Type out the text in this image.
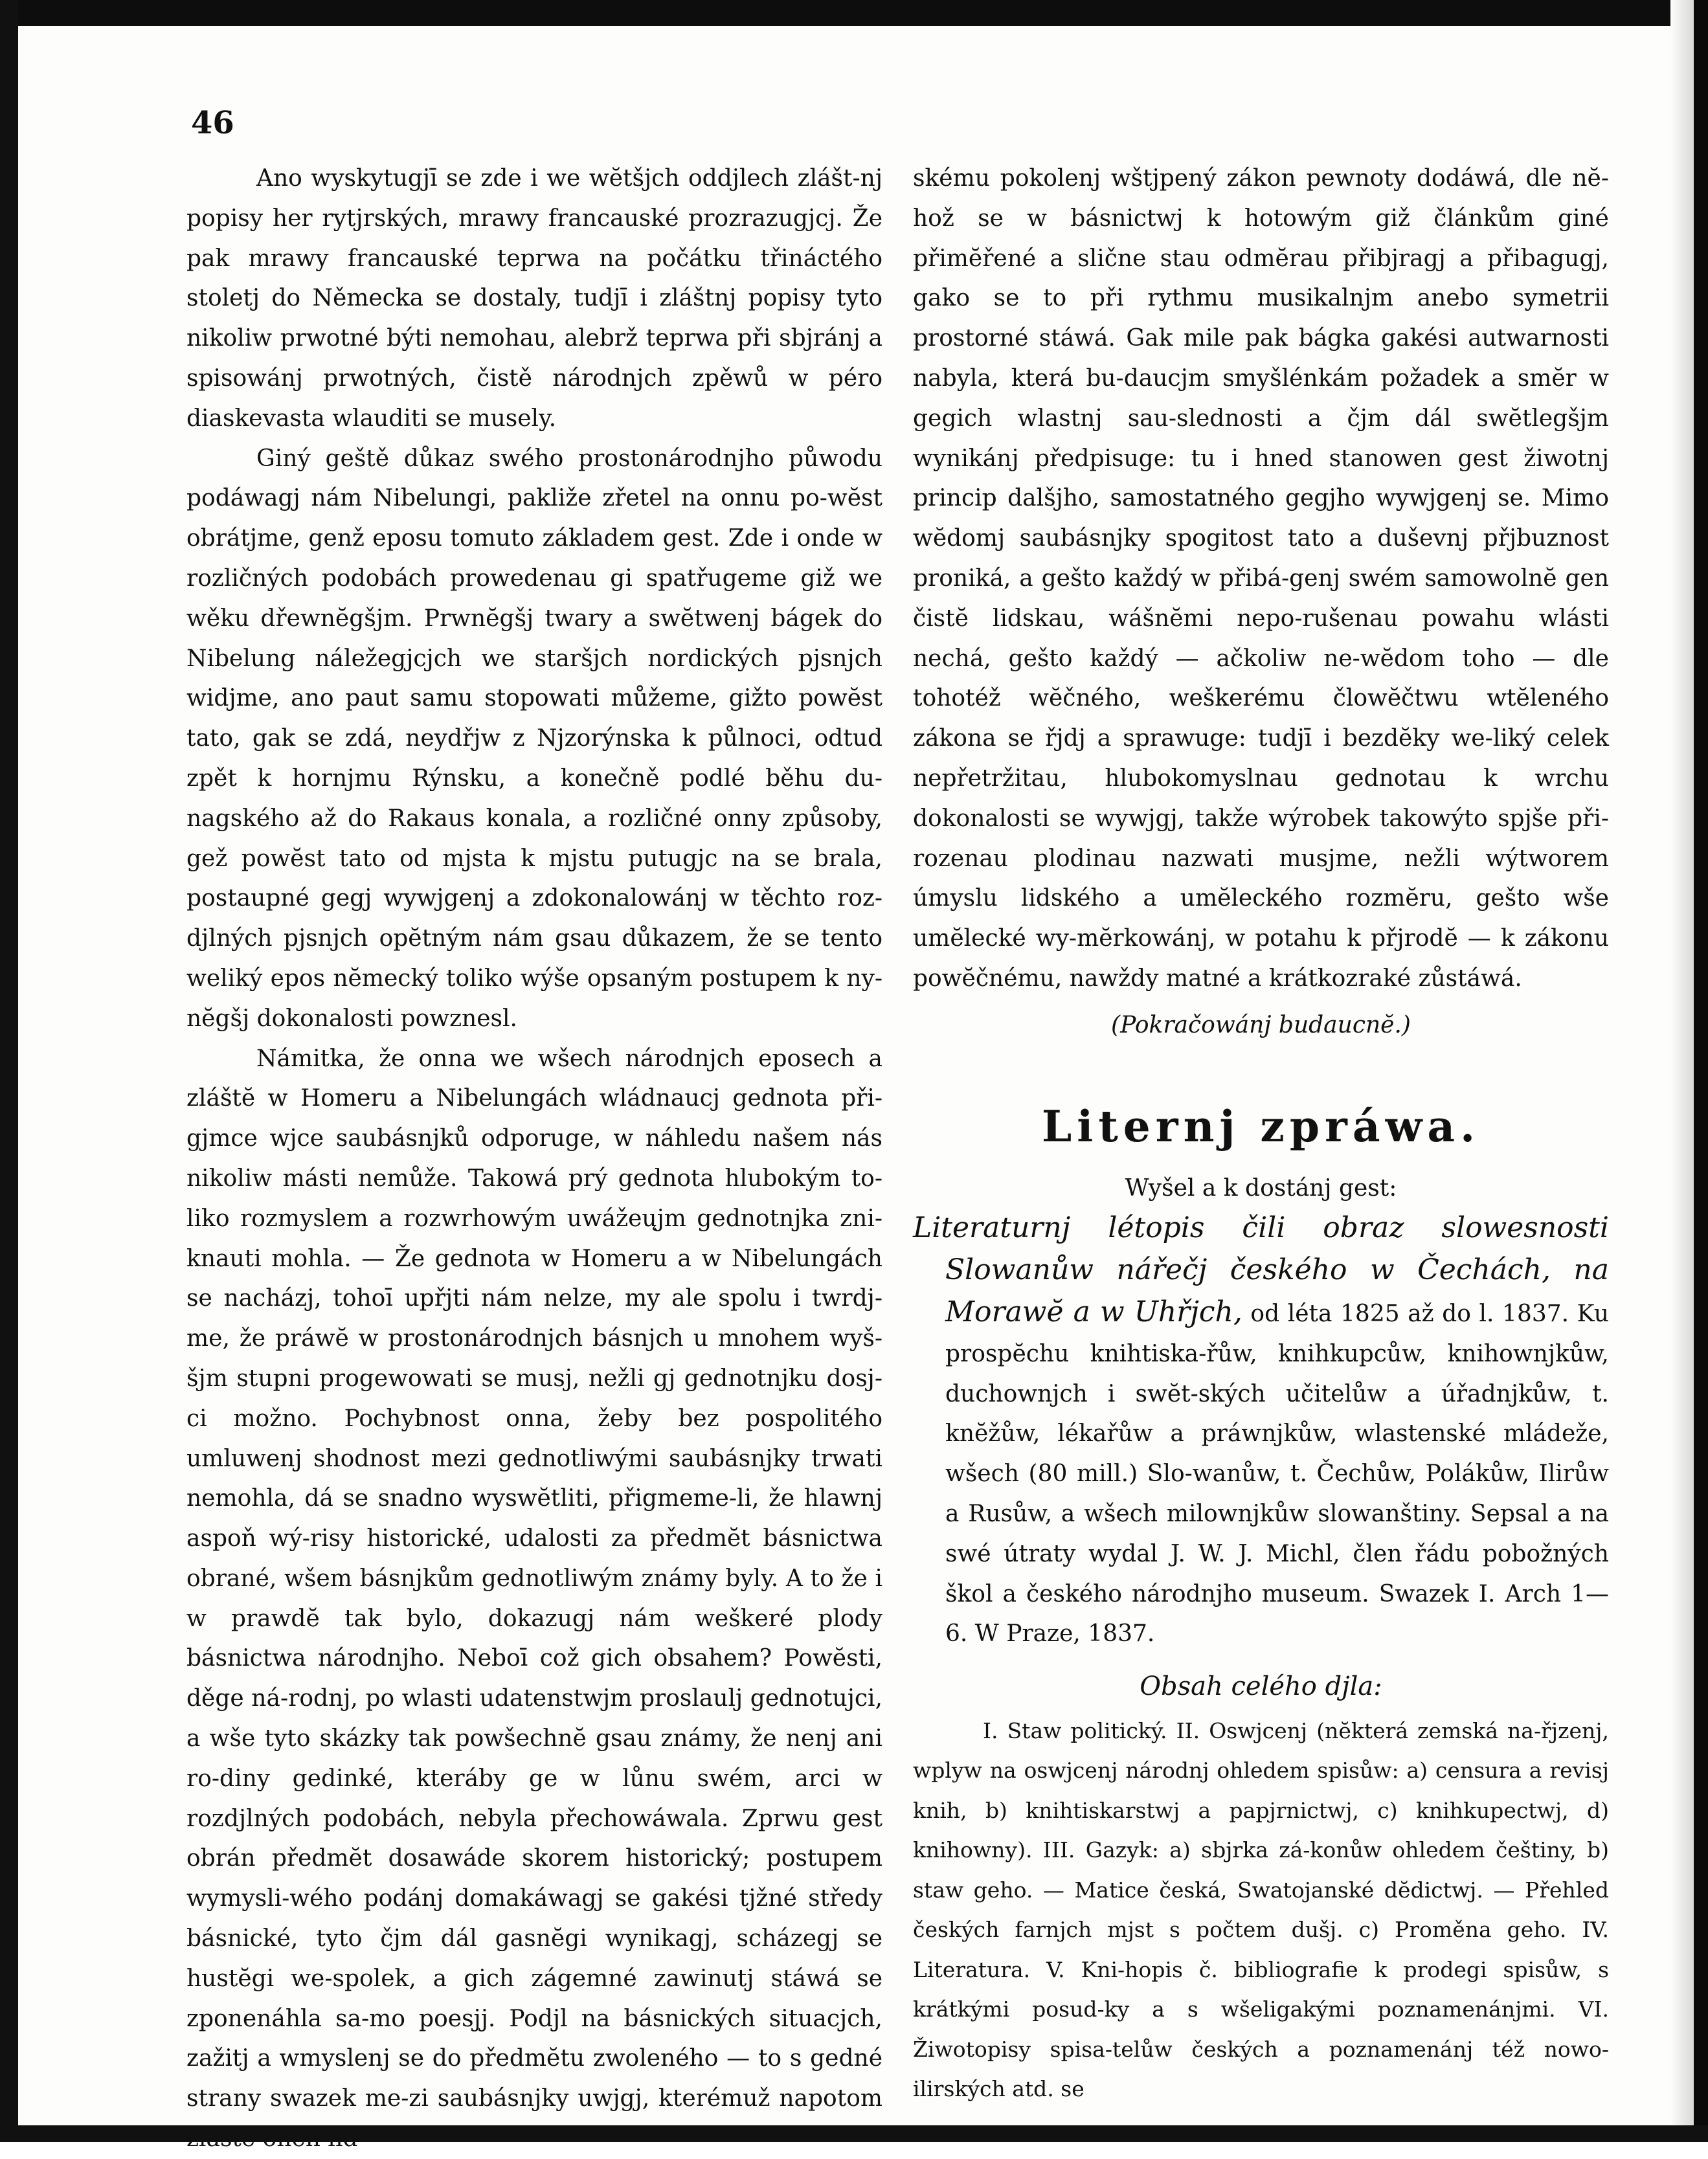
46

Ano wyskytugjī se zde i we wĕtšjch oddjlech zlášt-nj popisy her rytjrských, mrawy francauské prozrazugjcj. Že pak mrawy francauské teprwa na počátku třináctého stoletj do Německa se dostaly, tudjī i zláštnj popisy tyto nikoliw prwotné býti nemohau, alebrž teprwa při sbjránj a spisowánj prwotných, čistě národnjch zpěwů w péro diaskevasta wlauditi se musely.

Giný geště důkaz swého prostonárodnjho půwodu podáwagj nám Nibelungi, pakliže zřetel na onnu po-wĕst obrátjme, genž eposu tomuto základem gest. Zde i onde w rozličných podobách prowedenau gi spatřugeme giž we wěku dřewnĕgšjm. Prwnĕgšj twary a swĕtwenj bágek do Nibelung náležegjcjch we staršjch nordických pjsnjch widjme, ano paut samu stopowati můžeme, gižto powĕst tato, gak se zdá, neydřjw z Njzorýnska k půlnoci, odtud zpět k hornjmu Rýnsku, a konečně podlé běhu du-nagského až do Rakaus konala, a rozličné onny způsoby, gež powĕst tato od mjsta k mjstu putugjc na se brala, postaupné gegj wywjgenj a zdokonalowánj w těchto roz-djlných pjsnjch opĕtným nám gsau důkazem, že se tento weliký epos nĕmecký toliko wýše opsaným postupem k ny-nĕgšj dokonalosti powznesl.

Námitka, že onna we wšech národnjch eposech a zláštĕ w Homeru a Nibelungách wládnaucj gednota při-gjmce wjce saubásnjků odporuge, w náhledu našem nás nikoliw másti nemůže. Takowá prý gednota hlubokým to-liko rozmyslem a rozwrhowým uwážeųjm gednotnjka zni-knauti mohla. — Že gednota w Homeru a w Nibelungách se nacházj, tohoī upřjti nám nelze, my ale spolu i twrdj-me, že práwĕ w prostonárodnjch básnjch u mnohem wyš-šjm stupni progewowati se musj, nežli gj gednotnjku dosj-ci možno. Pochybnost onna, žeby bez pospolitého umluwenj shodnost mezi gednotliwými saubásnjky trwati nemohla, dá se snadno wyswĕtliti, přigmeme-li, že hlawnj aspoň wý-risy historické, udalosti za předmĕt básnictwa obrané, wšem básnjkům gednotliwým známy byly. A to že i w prawdĕ tak bylo, dokazugj nám weškeré plody básnictwa národnjho. Neboī což gich obsahem? Powĕsti, děge ná-rodnj, po wlasti udatenstwjm proslaulj gednotujci, a wše tyto skázky tak powšechnĕ gsau známy, že nenj ani ro-diny gedinké, kteráby ge w lůnu swém, arci w rozdjlných podobách, nebyla přechowáwala. Zprwu gest obrán předmĕt dosawáde skorem historický; postupem wymysli-wého podánj domakáwagj se gakési tjžné středy básnické, tyto čjm dál gasnĕgi wynikagj, scházegj se hustĕgi we-spolek, a gich zágemné zawinutj stáwá se zponenáhla sa-mo poesjj. Podjl na básnických situacjch, zažitj a wmyslenj se do předmĕtu zwoleného — to s gedné strany swazek me-zi saubásnjky uwjgj, kterémuž napotom zláštĕ onen lid-

skému pokolenj wštjpený zákon pewnoty dodáwá, dle nĕ-hož se w básnictwj k hotowým giž článkům giné přimĕřené a slične stau odmĕrau přibjragj a přibagugj, gako se to při rythmu musikalnjm anebo symetrii prostorné stáwá. Gak mile pak bágka gakési autwarnosti nabyla, která bu-daucjm smyšlénkám požadek a smĕr w gegich wlastnj sau-slednosti a čjm dál swĕtlegšjm wynikánj předpisuge: tu i hned stanowen gest žiwotnj princip dalšjho, samostatného gegjho wywjgenj se. Mimo wĕdomj saubásnjky spogitost tato a duševnj přjbuznost proniká, a gešto každý w přibá-genj swém samowolnĕ gen čistĕ lidskau, wášnĕmi nepo-rušenau powahu wlásti nechá, gešto každý — ačkoliw ne-wĕdom toho — dle tohotéž wĕčného, weškerému člowĕčtwu wtĕleného zákona se řjdj a sprawuge: tudjī i bezdĕky we-liký celek nepřetržitau, hlubokomyslnau gednotau k wrchu dokonalosti se wywjgj, takže wýrobek takowýto spjše při-rozenau plodinau nazwati musjme, nežli wýtworem úmyslu lidského a umĕleckého rozmĕru, gešto wše umĕlecké wy-mĕrkowánj, w potahu k přjrodĕ — k zákonu powĕčnému, nawždy matné a krátkozraké zůstáwá.

(Pokračowánj budaucnĕ.)

Liternj zpráwa.

Wyšel a k dostánj gest:

Literaturnj létopis čili obraz slowesnosti Slowanůw nářečj českého w Čechách, na Morawĕ a w Uhřjch, od léta 1825 až do l. 1837. Ku prospĕchu knihtiska-řůw, knihkupcůw, knihownjkůw, duchownjch i swĕt-ských učitelůw a úřadnjkůw, t. knĕžůw, lékařůw a práwnjkůw, wlastenské mládeže, wšech (80 mill.) Slo-wanůw, t. Čechůw, Polákůw, Ilirůw a Rusůw, a wšech milownjkůw slowanštiny. Sepsal a na swé útraty wydal J. W. J. Michl, člen řádu pobožných škol a českého národnjho museum. Swazek I. Arch 1—6. W Praze, 1837.

Obsah celého djla:

I. Staw politický. II. Oswjcenj (nĕkterá zemská na-řjzenj, wplyw na oswjcenj národnj ohledem spisůw: a) censura a revisj knih, b) knihtiskarstwj a papjrnictwj, c) knihkupectwj, d) knihowny). III. Gazyk: a) sbjrka zá-konůw ohledem češtiny, b) staw geho. — Matice česká, Swatojanské dĕdictwj. — Přehled českých farnjch mjst s počtem dušj. c) Proměna geho. IV. Literatura. V. Kni-hopis č. bibliografie k prodegi spisůw, s krátkými posud-ky a s wšeligakými poznamenánjmi. VI. Žiwotopisy spisa-telůw českých a poznamenánj též nowo-ilirských atd. se
